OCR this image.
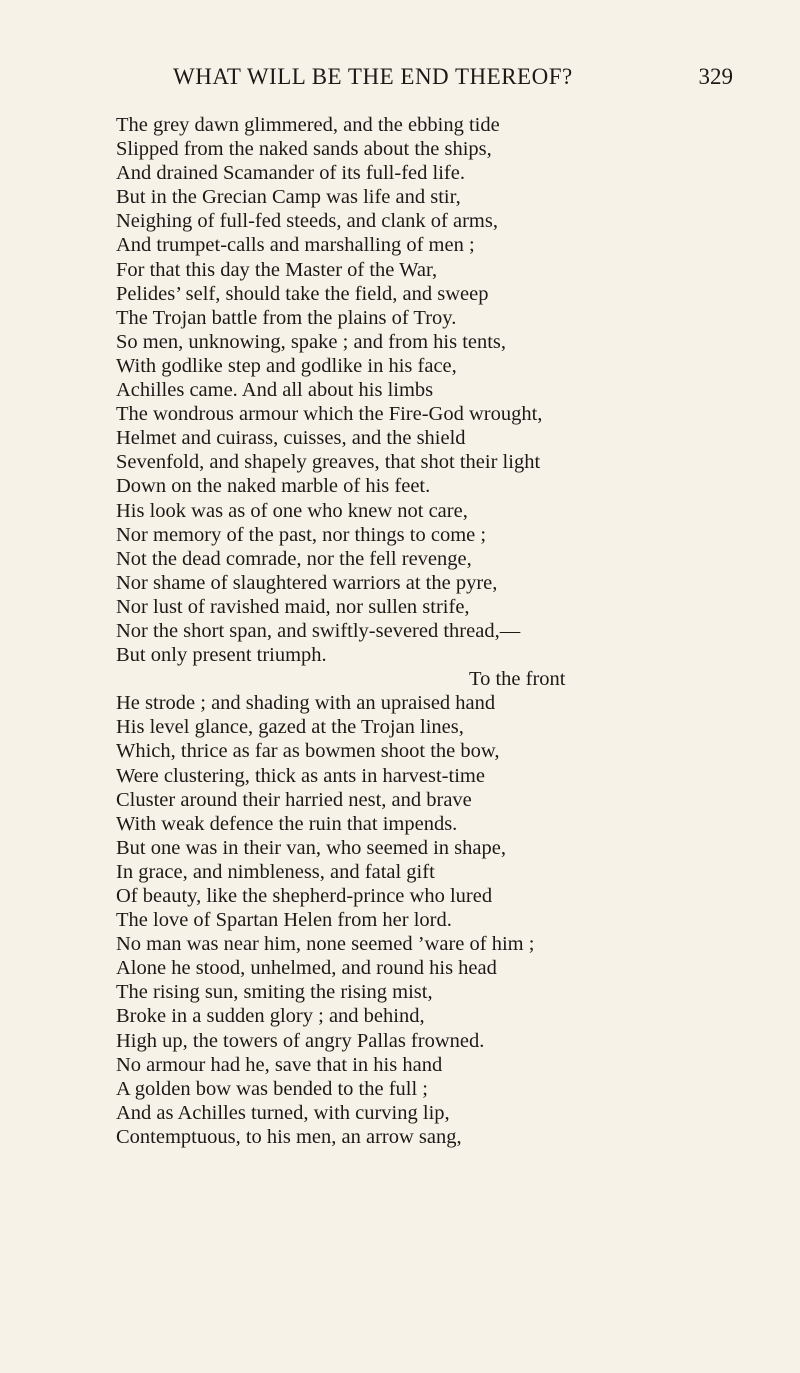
WHAT WILL BE THE END THEREOF?	329
The grey dawn glimmered, and the ebbing tide
Slipped from the naked sands about the ships,
And drained Scamander of its full-fed life.
But in the Grecian Camp was life and stir,
Neighing of full-fed steeds, and clank of arms,
And trumpet-calls and marshalling of men ;
For that this day the Master of the War,
Pelides’ self, should take the field, and sweep
The Trojan battle from the plains of Troy.
So men, unknowing, spake ; and from his tents,
With godlike step and godlike in his face,
Achilles came. And all about his limbs
The wondrous armour which the Fire-God wrought,
Helmet and cuirass, cuisses, and the shield
Sevenfold, and shapely greaves, that shot their light
Down on the naked marble of his feet.
His look was as of one who knew not care,
Nor memory of the past, nor things to come ;
Not the dead comrade, nor the fell revenge,
Nor shame of slaughtered warriors at the pyre,
Nor lust of ravished maid, nor sullen strife,
Nor the short span, and swiftly-severed thread,—
But only present triumph.
To the front
He strode ; and shading with an upraised hand
His level glance, gazed at the Trojan lines,
Which, thrice as far as bowmen shoot the bow,
Were clustering, thick as ants in harvest-time
Cluster around their harried nest, and brave
With weak defence the ruin that impends.
But one was in their van, who seemed in shape,
In grace, and nimbleness, and fatal gift
Of beauty, like the shepherd-prince who lured
The love of Spartan Helen from her lord.
No man was near him, none seemed ’ware of him ;
Alone he stood, unhelmed, and round his head
The rising sun, smiting the rising mist,
Broke in a sudden glory ; and behind,
High up, the towers of angry Pallas frowned.
No armour had he, save that in his hand
A golden bow was bended to the full ;
And as Achilles turned, with curving lip,
Contemptuous, to his men, an arrow sang,
